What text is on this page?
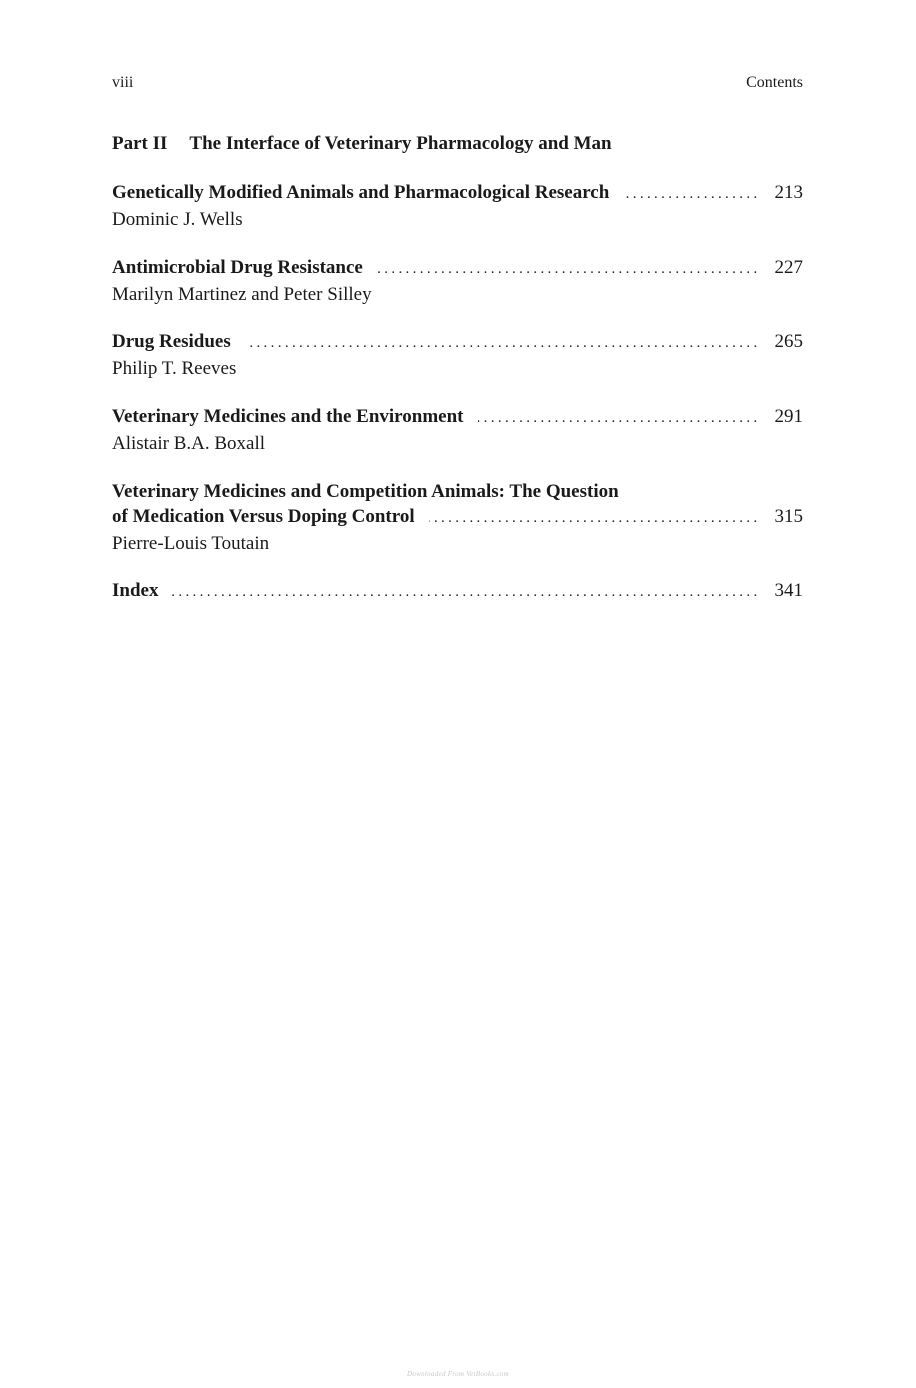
viii	Contents
Part II The Interface of Veterinary Pharmacology and Man
Genetically Modified Animals and Pharmacological Research . . .	213
Dominic J. Wells
Antimicrobial Drug Resistance . . .	227
Marilyn Martinez and Peter Silley
Drug Residues . . .	265
Philip T. Reeves
Veterinary Medicines and the Environment . . .	291
Alistair B.A. Boxall
Veterinary Medicines and Competition Animals: The Question
of Medication Versus Doping Control . . .	315
Pierre-Louis Toutain
Index . . .	341
Downloaded From VetBooks.com
